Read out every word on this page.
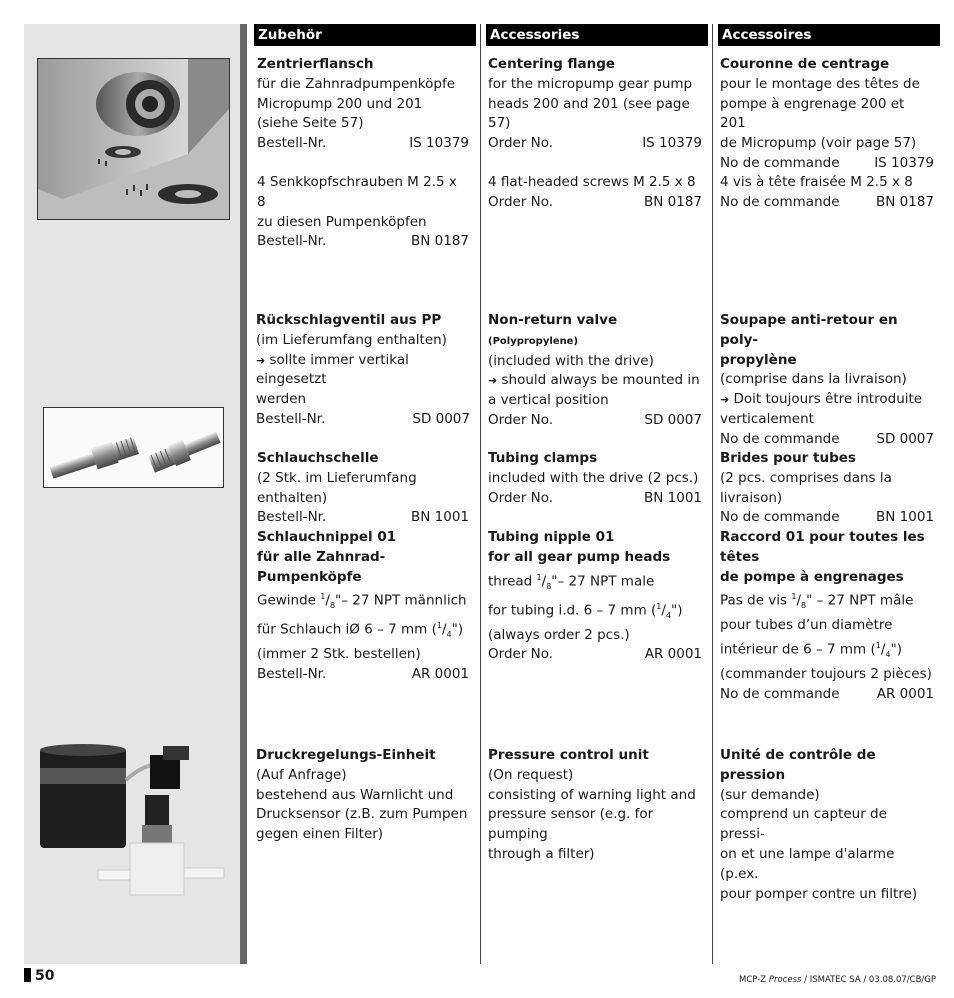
Zubehör	Accessories	Accessoires

Zentrierflansch

für die Zahnradpumpenköpfe

Micropump 200 und 201

(siehe Seite 57)

Bestell-Nr.	IS 10379

4 Senkkopfschrauben M 2.5 x 8

zu diesen Pumpenköpfen

Bestell-Nr.	BN 0187

Rückschlagventil aus PP

(im Lieferumfang enthalten)

➜ sollte immer vertikal eingesetzt

werden

Bestell-Nr.	SD 0007

Schlauchschelle

(2 Stk. im Lieferumfang enthalten)

Bestell-Nr.	BN 1001

Schlauchnippel 01

für alle Zahnrad-Pumpenköpfe

Gewinde $^1/_8"-$ 27 NPT männlich

für Schlauch iØ 6 – 7 mm $(^1/_4")$

(immer 2 Stk. bestellen)

Bestell-Nr.	AR 0001

Druckregelungs-Einheit

(Auf Anfrage)

bestehend aus Warnlicht und

Drucksensor (z.B. zum Pumpen

gegen einen Filter)

Centering flange

for the micropump gear pump

heads 200 and 201 (see page 57)

Order No.	IS 10379

4 flat-headed screws M 2.5 x 8

Order No.	BN 0187

Non-return valve (Polypropylene)

(included with the drive)

➜ should always be mounted in

a vertical position

Order No.	SD 0007

Tubing clamps

included with the drive (2 pcs.)

Order No.	BN 1001

Tubing nipple 01

for all gear pump heads

thread $^1/_8"-$ 27 NPT male

for tubing i.d. 6 – 7 mm $(^1/_4")$

(always order 2 pcs.)

Order No.	AR 0001

Pressure control unit

(On request)

consisting of warning light and

pressure sensor (e.g. for pumping

through a filter)

Couronne de centrage

pour le montage des têtes de

pompe à engrenage 200 et 201

de Micropump (voir page 57)

No de commande	IS 10379

4 vis à tête fraisée M 2.5 x 8

No de commande	BN 0187

Soupape anti-retour en poly-

propylène

(comprise dans la livraison)

➜ Doit toujours être introduite

verticalement

No de commande	SD 0007

Brides pour tubes

(2 pcs. comprises dans la livraison)

No de commande	BN 1001

Raccord 01 pour toutes les têtes

de pompe à engrenages

Pas de vis $^1/_8$" – 27 NPT mâle

pour tubes d’un diamètre

intérieur de 6 – 7 mm $(^1/_4")$

(commander toujours 2 pièces)

No de commande	AR 0001

Unité de contrôle de pression

(sur demande)

comprend un capteur de pressi-

on et une lampe d'alarme (p.ex.

pour pomper contre un filtre)

50	MCP-Z Process / ISMATEC SA / 03.08.07/CB/GP
